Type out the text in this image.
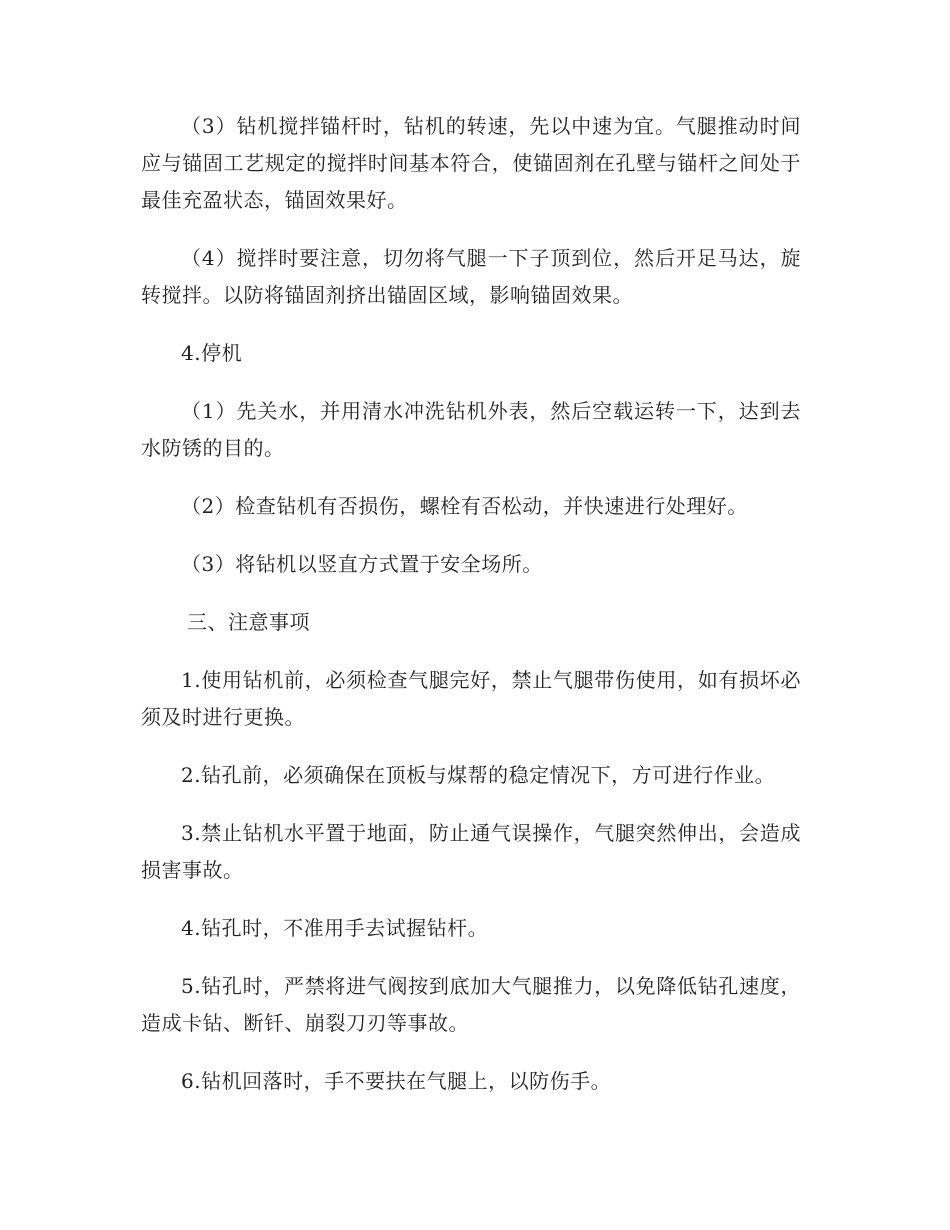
（3）钻机搅拌锚杆时，钻机的转速，先以中速为宜。气腿推动时间应与锚固工艺规定的搅拌时间基本符合，使锚固剂在孔壁与锚杆之间处于最佳充盈状态，锚固效果好。

（4）搅拌时要注意，切勿将气腿一下子顶到位，然后开足马达，旋转搅拌。以防将锚固剂挤出锚固区域，影响锚固效果。

4.停机

（1）先关水，并用清水冲洗钻机外表，然后空载运转一下，达到去水防锈的目的。

（2）检查钻机有否损伤，螺栓有否松动，并快速进行处理好。

（3）将钻机以竖直方式置于安全场所。

三、注意事项

1.使用钻机前，必须检查气腿完好，禁止气腿带伤使用，如有损坏必须及时进行更换。

2.钻孔前，必须确保在顶板与煤帮的稳定情况下，方可进行作业。

3.禁止钻机水平置于地面，防止通气误操作，气腿突然伸出，会造成损害事故。

4.钻孔时，不准用手去试握钻杆。

5.钻孔时，严禁将进气阀按到底加大气腿推力，以免降低钻孔速度，造成卡钻、断钎、崩裂刀刃等事故。

6.钻机回落时，手不要扶在气腿上，以防伤手。
